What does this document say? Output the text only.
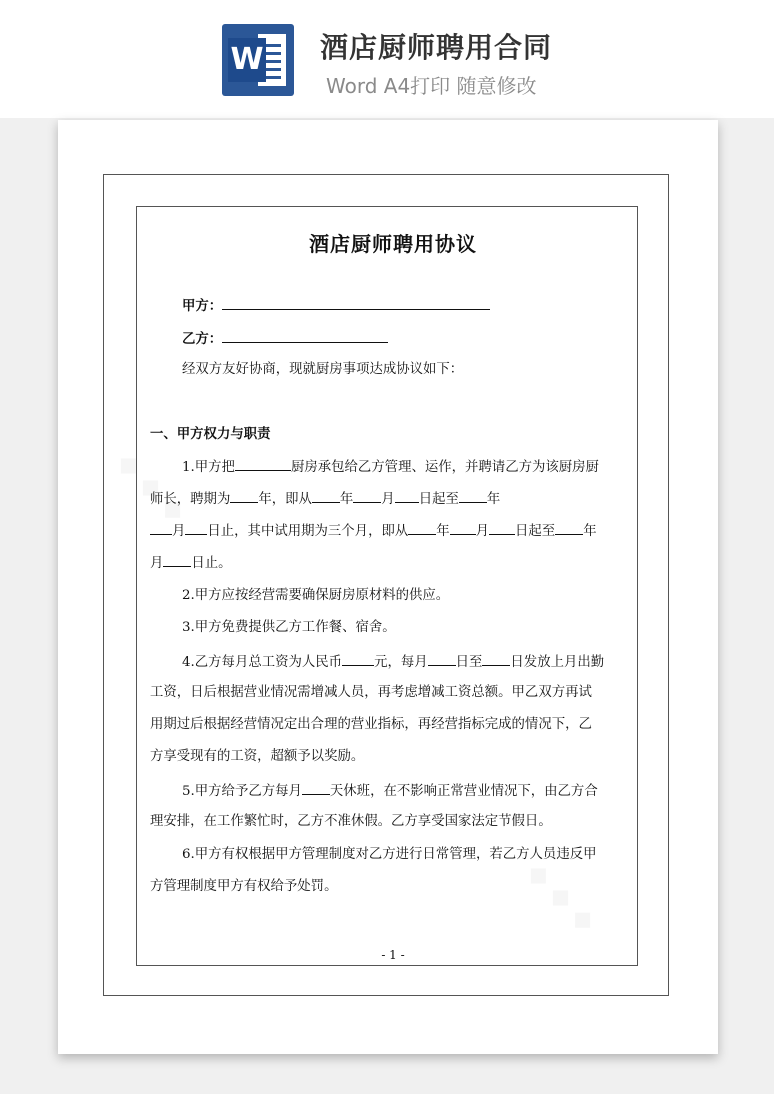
W 酒店厨师聘用合同
Word A4打印 随意修改
酒店厨师聘用协议
甲方：
乙方：
经双方友好协商，现就厨房事项达成协议如下：
一、甲方权力与职责
1.甲方把	厨房承包给乙方管理、运作，并聘请乙方为该厨房厨
师长，聘期为 年，即从 年 月 日起至 年
月 日止，其中试用期为三个月，即从 年 月 日起至 年
月 日止。
2.甲方应按经营需要确保厨房原材料的供应。
3.甲方免费提供乙方工作餐、宿舍。
4.乙方每月总工资为人民币 元，每月 日至 日发放上月出勤
工资，日后根据营业情况需增减人员，再考虑增减工资总额。甲乙双方再试
用期过后根据经营情况定出合理的营业指标，再经营指标完成的情况下，乙
方享受现有的工资，超额予以奖励。
5.甲方给予乙方每月 天休班，在不影响正常营业情况下，由乙方合
理安排，在工作繁忙时，乙方不准休假。乙方享受国家法定节假日。
6.甲方有权根据甲方管理制度对乙方进行日常管理，若乙方人员违反甲
方管理制度甲方有权给予处罚。
- 1 -
